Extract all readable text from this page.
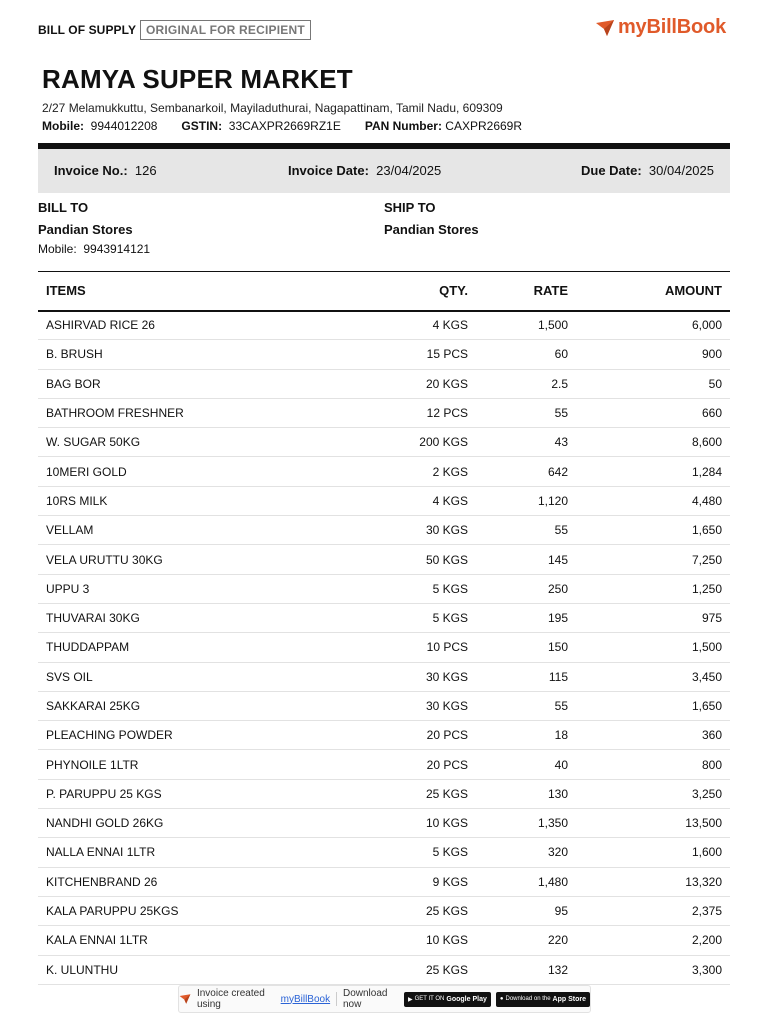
BILL OF SUPPLY ORIGINAL FOR RECIPIENT	myBillBook
RAMYA SUPER MARKET
2/27 Melamukkuttu, Sembanarkoil, Mayiladuthurai, Nagapattinam, Tamil Nadu, 609309
Mobile: 9944012208 GSTIN: 33CAXPR2669RZ1E PAN Number: CAXPR2669R
Invoice No.: 126	Invoice Date: 23/04/2025	Due Date: 30/04/2025
BILL TO
Pandian Stores
Mobile: 9943914121
SHIP TO
Pandian Stores
ITEMS	QTY.	RATE	AMOUNT
ASHIRVAD RICE 26	4 KGS	1,500	6,000
B. BRUSH	15 PCS	60	900
BAG BOR	20 KGS	2.5	50
BATHROOM FRESHNER	12 PCS	55	660
W. SUGAR 50KG	200 KGS	43	8,600
10MERI GOLD	2 KGS	642	1,284
10RS MILK	4 KGS	1,120	4,480
VELLAM	30 KGS	55	1,650
VELA URUTTU 30KG	50 KGS	145	7,250
UPPU 3	5 KGS	250	1,250
THUVARAI 30KG	5 KGS	195	975
THUDDAPPAM	10 PCS	150	1,500
SVS OIL	30 KGS	115	3,450
SAKKARAI 25KG	30 KGS	55	1,650
PLEACHING POWDER	20 PCS	18	360
PHYNOILE 1LTR	20 PCS	40	800
P. PARUPPU 25 KGS	25 KGS	130	3,250
NANDHI GOLD 26KG	10 KGS	1,350	13,500
NALLA ENNAI 1LTR	5 KGS	320	1,600
KITCHENBRAND 26	9 KGS	1,480	13,320
KALA PARUPPU 25KGS	25 KGS	95	2,375
KALA ENNAI 1LTR	10 KGS	220	2,200
K. ULUNTHU	25 KGS	132	3,300
Invoice created using	myBillBook Download now	▶ GET IT ON Google Play ● Download on the App Store
